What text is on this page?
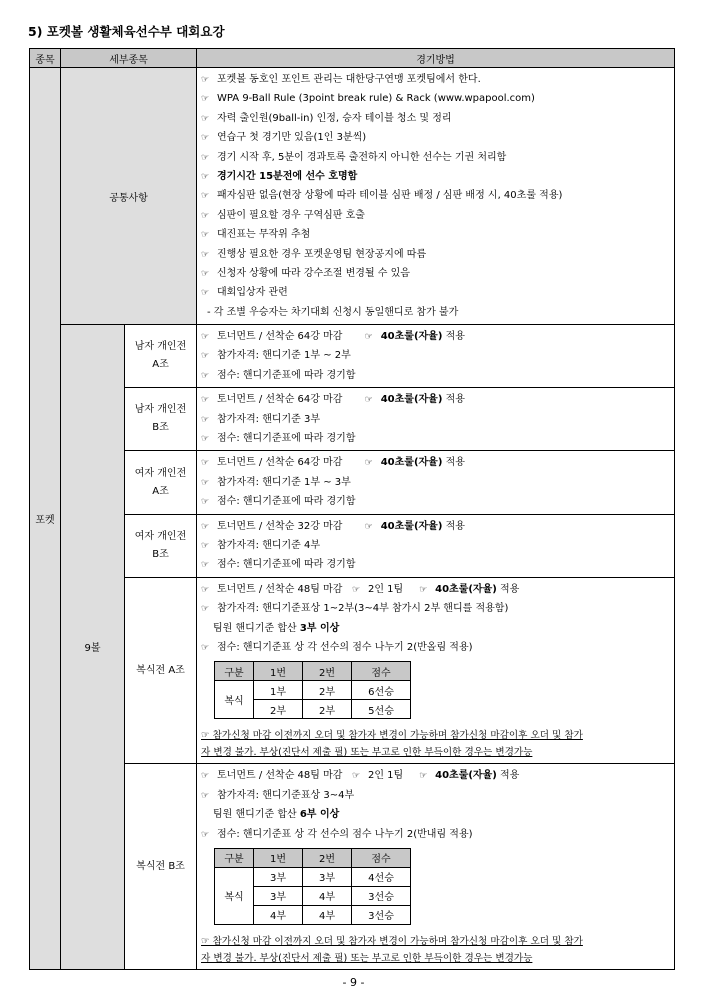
5) 포켓볼 생활체육선수부 대회요강
종목	세부종목	경기방법
포켓	공통사항	
☞ 포켓볼 동호인 포인트 관리는 대한당구연맹 포켓팀에서 한다.
☞ WPA 9-Ball Rule (3point break rule) & Rack (www.wpapool.com)
☞ 자력 출인원(9ball-in) 인정, 승자 테이블 청소 및 정리
☞ 연습구 첫 경기만 있음(1인 3분씩)
☞ 경기 시작 후, 5분이 경과토록 출전하지 아니한 선수는 기권 처리함
☞ 경기시간 15분전에 선수 호명함
☞ 패자심판 없음(현장 상황에 따라 테이블 심판 배정 / 심판 배정 시, 40초룰 적용)
☞ 심판이 필요할 경우 구역심판 호출
☞ 대진표는 무작위 추첨
☞ 진행상 필요한 경우 포켓운영팀 현장공지에 따름
☞ 신청자 상황에 따라 강수조절 변경될 수 있음
☞ 대회입상자 관련
- 각 조별 우승자는 차기대회 신청시 동일핸디로 참가 불가

9볼	
남자 개인전
A조

☞ 토너먼트 / 선착순 64강 마감 ☞ 40초룰(자율) 적용
☞ 참가자격: 핸디기준 1부 ~ 2부
☞ 점수: 핸디기준표에 따라 경기함

남자 개인전
B조

☞ 토너먼트 / 선착순 64강 마감 ☞ 40초룰(자율) 적용
☞ 참가자격: 핸디기준 3부
☞ 점수: 핸디기준표에 따라 경기함

여자 개인전
A조

☞ 토너먼트 / 선착순 64강 마감 ☞ 40초룰(자율) 적용
☞ 참가자격: 핸디기준 1부 ~ 3부
☞ 점수: 핸디기준표에 따라 경기함

여자 개인전
B조

☞ 토너먼트 / 선착순 32강 마감 ☞ 40초룰(자율) 적용
☞ 참가자격: 핸디기준 4부
☞ 점수: 핸디기준표에 따라 경기함

복식전 A조	
☞ 토너먼트 / 선착순 48팀 마감 ☞ 2인 1팀 ☞ 40초룰(자율) 적용
☞ 참가자격: 핸디기준표상 1~2부(3~4부 참가시 2부 핸디를 적용함)
팀원 핸디기준 합산 3부 이상
☞ 점수: 핸디기준표 상 각 선수의 점수 나누기 2(반올림 적용)
구분	1번	2번	점수
복식	1부	2부	6선승
2부	2부	5선승
☞ 참가신청 마감 이전까지 오더 및 참가자 변경이 가능하며 참가신청 마감이후 오더 및 참가
자 변경 불가. 부상(진단서 제출 필) 또는 부고로 인한 부득이한 경우는 변경가능

복식전 B조	
☞ 토너먼트 / 선착순 48팀 마감 ☞ 2인 1팀 ☞ 40초룰(자율) 적용
☞ 참가자격: 핸디기준표상 3~4부
팀원 핸디기준 합산 6부 이상
☞ 점수: 핸디기준표 상 각 선수의 점수 나누기 2(반내림 적용)
구분	1번	2번	점수
복식	3부	3부	4선승
3부	4부	3선승
4부	4부	3선승
☞ 참가신청 마감 이전까지 오더 및 참가자 변경이 가능하며 참가신청 마감이후 오더 및 참가
자 변경 불가. 부상(진단서 제출 필) 또는 부고로 인한 부득이한 경우는 변경가능
- 9 -
